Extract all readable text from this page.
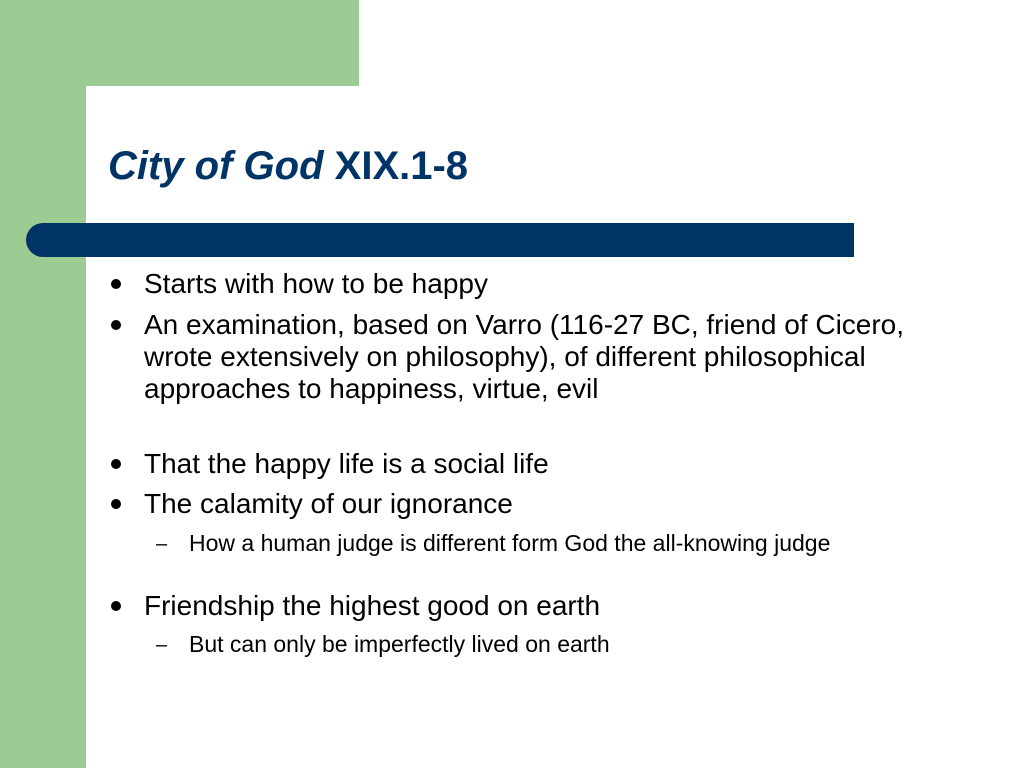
City of God XIX.1-8
Starts with how to be happy
An examination, based on Varro (116-27 BC, friend of Cicero, wrote extensively on philosophy), of different philosophical approaches to happiness, virtue, evil
That the happy life is a social life
The calamity of our ignorance
– How a human judge is different form God the all-knowing judge
Friendship the highest good on earth
– But can only be imperfectly lived on earth
